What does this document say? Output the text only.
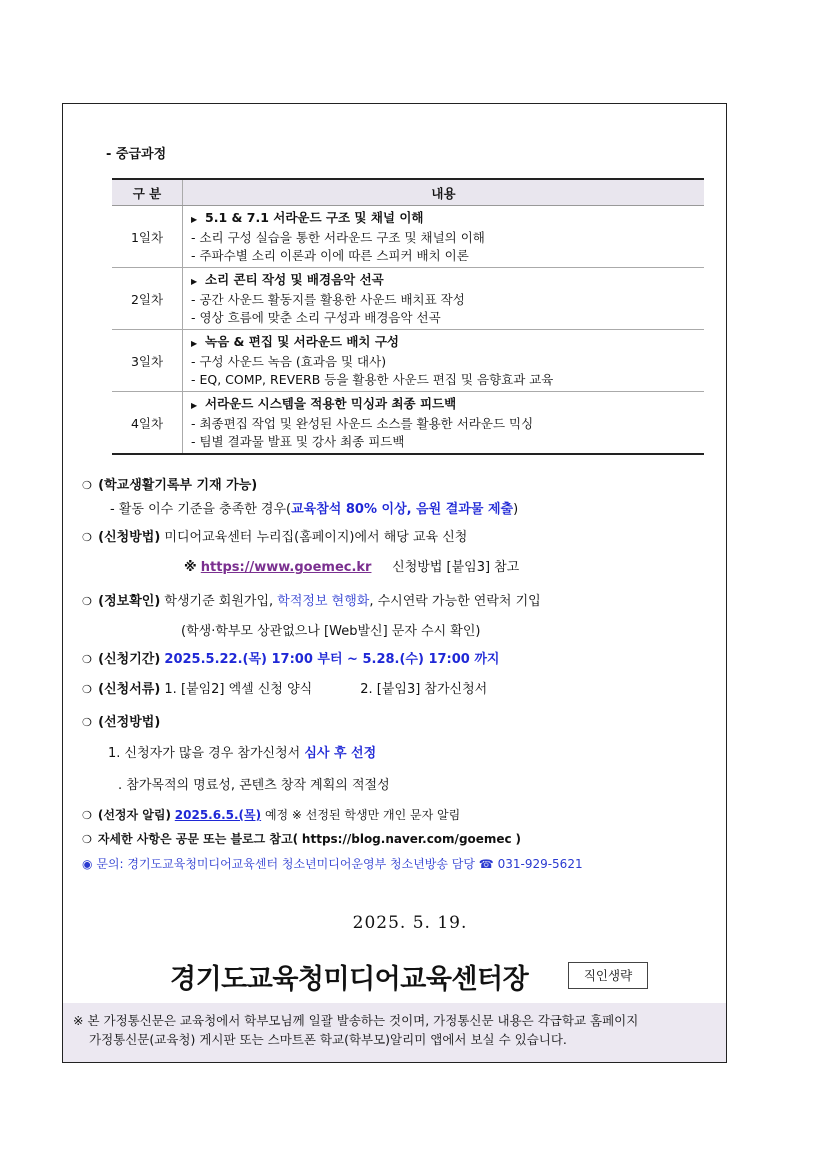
- 중급과정
구 분	내용
1일차	▶ 5.1 & 7.1 서라운드 구조 및 채널 이해
- 소리 구성 실습을 통한 서라운드 구조 및 채널의 이해
- 주파수별 소리 이론과 이에 따른 스피커 배치 이론

2일차	▶ 소리 콘티 작성 및 배경음악 선곡
- 공간 사운드 활동지를 활용한 사운드 배치표 작성
- 영상 흐름에 맞춘 소리 구성과 배경음악 선곡

3일차	▶ 녹음 & 편집 및 서라운드 배치 구성
- 구성 사운드 녹음 (효과음 및 대사)
- EQ, COMP, REVERB 등을 활용한 사운드 편집 및 음향효과 교육

4일차	▶ 서라운드 시스템을 적용한 믹싱과 최종 피드백
- 최종편집 작업 및 완성된 사운드 소스를 활용한 서라운드 믹싱
- 팀별 결과물 발표 및 강사 최종 피드백
❍ (학교생활기록부 기재 가능)
- 활동 이수 기준을 충족한 경우(교육참석 80% 이상, 음원 결과물 제출)
❍ (신청방법) 미디어교육센터 누리집(홈페이지)에서 해당 교육 신청
※ https://www.goemec.kr 신청방법 [붙임3] 참고
❍ (정보확인) 학생기준 회원가입, 학적정보 현행화, 수시연락 가능한 연락처 기입
(학생·학부모 상관없으나 [Web발신] 문자 수시 확인)
❍ (신청기간) 2025.5.22.(목) 17:00 부터 ~ 5.28.(수) 17:00 까지
❍ (신청서류) 1. [붙임2] 엑셀 신청 양식	2. [붙임3] 참가신청서
❍ (선정방법)
1. 신청자가 많을 경우 참가신청서 심사 후 선정
. 참가목적의 명료성, 콘텐츠 창작 계획의 적절성
❍ (선정자 알림) 2025.6.5.(목) 예정 ※ 선정된 학생만 개인 문자 알림
❍ 자세한 사항은 공문 또는 블로그 참고( https://blog.naver.com/goemec )
◉ 문의: 경기도교육청미디어교육센터 청소년미디어운영부 청소년방송 담당 ☎ 031-929-5621
2025. 5. 19.
경기도교육청미디어교육센터장	직인생략
※ 본 가정통신문은 교육청에서 학부모님께 일괄 발송하는 것이며, 가정통신문 내용은 각급학교 홈페이지
가정통신문(교육청) 게시판 또는 스마트폰 학교(학부모)알리미 앱에서 보실 수 있습니다.
